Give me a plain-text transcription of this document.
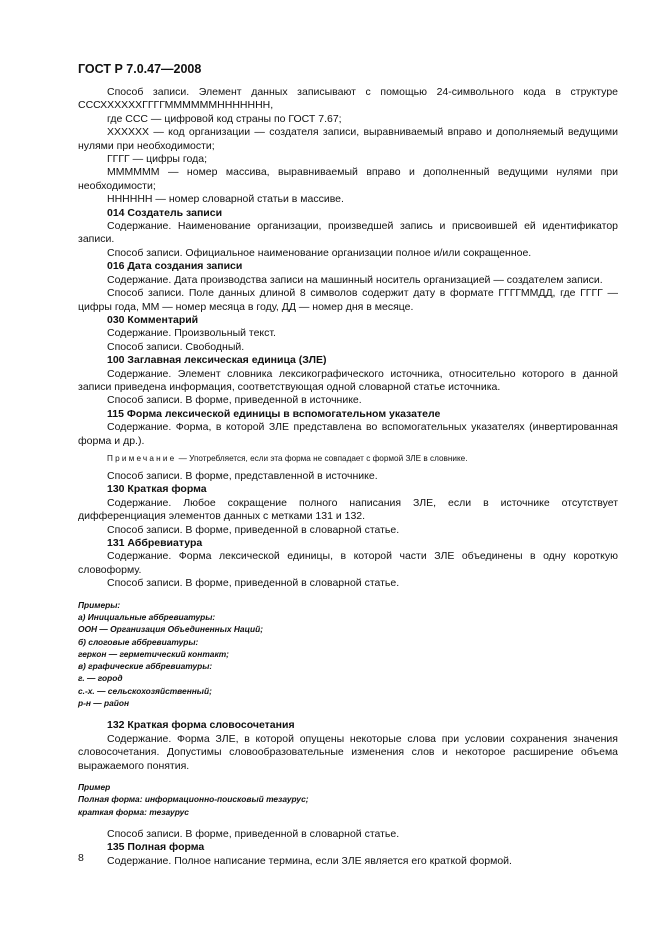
ГОСТ Р 7.0.47—2008

Способ записи. Элемент данных записывают с помощью 24-символьного кода в структуре СССХХХХХХГГГГММММММННННННН,

где ССС — цифровой код страны по ГОСТ 7.67;

ХХХХХХ — код организации — создателя записи, выравниваемый вправо и дополняемый ведущими нулями при необходимости;

ГГГГ — цифры года;

ММММММ — номер массива, выравниваемый вправо и дополненный ведущими нулями при необходимости;

НННННН — номер словарной статьи в массиве.

014 Создатель записи

Содержание. Наименование организации, произведшей запись и присвоившей ей идентификатор записи.

Способ записи. Официальное наименование организации полное и/или сокращенное.

016 Дата создания записи

Содержание. Дата производства записи на машинный носитель организацией — создателем записи.

Способ записи. Поле данных длиной 8 символов содержит дату в формате ГГГГММДД, где ГГГГ — цифры года, ММ — номер месяца в году, ДД — номер дня в месяце.

030 Комментарий

Содержание. Произвольный текст.

Способ записи. Свободный.

100 Заглавная лексическая единица (ЗЛЕ)

Содержание. Элемент словника лексикографического источника, относительно которого в данной записи приведена информация, соответствующая одной словарной статье источника.

Способ записи. В форме, приведенной в источнике.

115 Форма лексической единицы в вспомогательном указателе

Содержание. Форма, в которой ЗЛЕ представлена во вспомогательных указателях (инвертированная форма и др.).

Примечание — Употребляется, если эта форма не совпадает с формой ЗЛЕ в словнике.

Способ записи. В форме, представленной в источнике.

130 Краткая форма

Содержание. Любое сокращение полного написания ЗЛЕ, если в источнике отсутствует дифференциация элементов данных с метками 131 и 132.

Способ записи. В форме, приведенной в словарной статье.

131 Аббревиатура

Содержание. Форма лексической единицы, в которой части ЗЛЕ объединены в одну короткую словоформу.

Способ записи. В форме, приведенной в словарной статье.

Примеры:
а) Инициальные аббревиатуры:
ООН — Организация Объединенных Наций;
б) слоговые аббревиатуры:
геркон — герметический контакт;
в) графические аббревиатуры:
г. — город
с.-х. — сельскохозяйственный;
р-н — район

132 Краткая форма словосочетания

Содержание. Форма ЗЛЕ, в которой опущены некоторые слова при условии сохранения значения словосочетания. Допустимы словообразовательные изменения слов и некоторое расширение объема выражаемого понятия.

Пример
Полная форма: информационно-поисковый тезаурус;
краткая форма: тезаурус

Способ записи. В форме, приведенной в словарной статье.

135 Полная форма

Содержание. Полное написание термина, если ЗЛЕ является его краткой формой.

8
